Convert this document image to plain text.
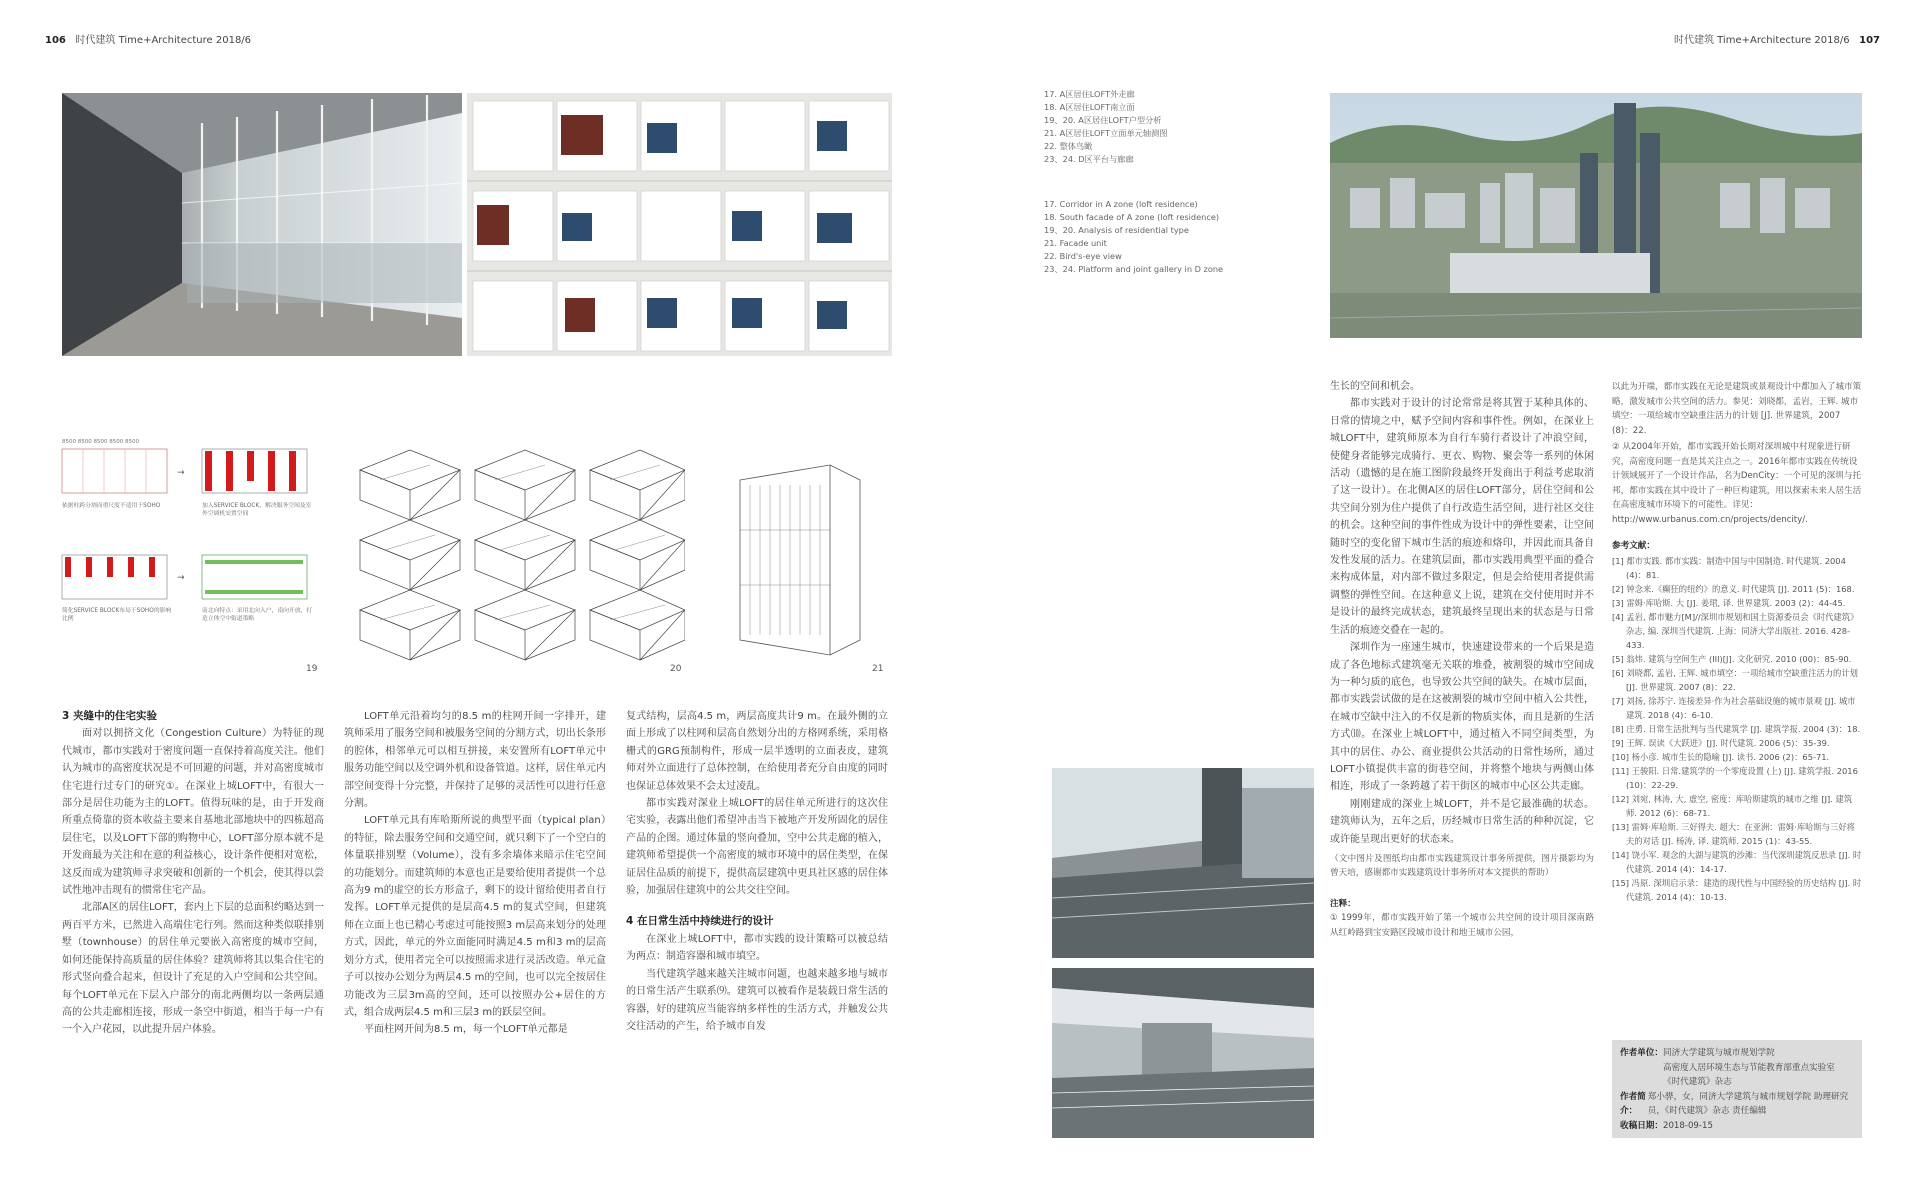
106 时代建筑 Time+Architecture 2018/6	时代建筑 Time+Architecture 2018/6 107
8500 8500 8500 8500 8500
→
→
依据柱跨分割而重尺度不适用于SOHO	加入SERVICE BLOCK，解决服务空间及室外空调机安置空间
简化SERVICE BLOCK布局于SOHO的影响比例
南北向特点：采用北向入户，南向开放，打造立体空中街道策略
19	20	21
3 夹缝中的住宅实验

面对以拥挤文化（Congestion Culture）为特征的现代城市，都市实践对于密度问题一直保持着高度关注。他们认为城市的高密度状况是不可回避的问题，并对高密度城市住宅进行过专门的研究①。在深业上城LOFT中，有很大一部分是居住功能为主的LOFT。值得玩味的是，由于开发商所重点倚靠的资本收益主要来自基地北部地块中的四栋超高层住宅，以及LOFT下部的购物中心，LOFT部分原本就不是开发商最为关注和在意的利益核心，设计条件便相对宽松，这反而成为建筑师寻求突破和创新的一个机会，使其得以尝试性地冲击现有的惯常住宅产品。

北部A区的居住LOFT，套内上下层的总面积约略达到一两百平方米，已然进入高端住宅行列。然而这种类似联排别墅（townhouse）的居住单元要嵌入高密度的城市空间，如何还能保持高质量的居住体验？建筑师将其以集合住宅的形式竖向叠合起来，但设计了充足的入户空间和公共空间。每个LOFT单元在下层入户部分的南北两侧均以一条两层通高的公共走廊相连接，形成一条空中街道，相当于每一户有一个入户花园，以此提升居户体验。

LOFT单元沿着均匀的8.5 m的柱网开间一字排开，建筑师采用了服务空间和被服务空间的分割方式，切出长条形的腔体，相邻单元可以相互拼接，来安置所有LOFT单元中服务功能空间以及空调外机和设备管道。这样，居住单元内部空间变得十分完整，并保持了足够的灵活性可以进行任意分割。

LOFT单元具有库哈斯所说的典型平面（typical plan）的特征，除去服务空间和交通空间，就只剩下了一个空白的体量联排别墅（Volume），没有多余墙体来暗示住宅空间的功能划分。而建筑师的本意也正是要给使用者提供一个总高为9 m的虚空的长方形盒子，剩下的设计留给使用者自行发挥。LOFT单元提供的是层高4.5 m的复式空间，但建筑师在立面上也已精心考虑过可能按照3 m层高来划分的处理方式，因此，单元的外立面能同时满足4.5 m和3 m的层高划分方式，使用者完全可以按照需求进行灵活改造。单元盒子可以按办公划分为两层4.5 m的空间，也可以完全按居住功能改为三层3m高的空间，还可以按照办公+居住的方式，组合成两层4.5 m和三层3 m的跃层空间。

平面柱网开间为8.5 m，每一个LOFT单元都是

复式结构，层高4.5 m，两层高度共计9 m。在最外侧的立面上形成了以柱网和层高自然划分出的方格网系统，采用格栅式的GRG预制构件，形成一层半透明的立面表皮，建筑师对外立面进行了总体控制，在给使用者充分自由度的同时也保证总体效果不会太过凌乱。

都市实践对深业上城LOFT的居住单元所进行的这次住宅实验，表露出他们希望冲击当下被地产开发所固化的居住产品的企图。通过体量的竖向叠加，空中公共走廊的植入，建筑师希望提供一个高密度的城市环境中的居住类型，在保证居住品质的前提下，提供高层建筑中更具社区感的居住体验，加强居住建筑中的公共交往空间。

4 在日常生活中持续进行的设计

在深业上城LOFT中，都市实践的设计策略可以被总结为两点：制造容器和城市填空。

当代建筑学越来越关注城市问题，也越来越多地与城市的日常生活产生联系⑼。建筑可以被看作是装载日常生活的容器，好的建筑应当能容纳多样性的生活方式，并触发公共交往活动的产生，给予城市自发

17. A区居住LOFT外走廊
18. A区居住LOFT南立面
19、20. A区居住LOFT户型分析
21. A区居住LOFT立面单元轴测图
22. 整体鸟瞰
23、24. D区平台与廊廊
17. Corridor in A zone (loft residence)
18. South facade of A zone (loft residence)
19、20. Analysis of residential type
21. Facade unit
22. Bird's-eye view
23、24. Platform and joint gallery in D zone

生长的空间和机会。

都市实践对于设计的讨论常常是将其置于某种具体的、日常的情境之中，赋予空间内容和事件性。例如，在深业上城LOFT中，建筑师原本为自行车骑行者设计了冲浪空间，使健身者能够完成骑行、更衣、购物、聚会等一系列的休闲活动（遗憾的是在施工图阶段最终开发商出于利益考虑取消了这一设计）。在北侧A区的居住LOFT部分，居住空间和公共空间分别为住户提供了自行改造生活空间，进行社区交往的机会。这种空间的事件性成为设计中的弹性要素，让空间随时空的变化留下城市生活的痕迹和烙印，并因此而具备自发性发展的活力。在建筑层面，都市实践用典型平面的叠合来构成体量，对内部不做过多限定，但是会给使用者提供需调整的弹性空间。在这种意义上说，建筑在交付使用时并不是设计的最终完成状态，建筑最终呈现出来的状态是与日常生活的痕迹交叠在一起的。

深圳作为一座速生城市，快速建设带来的一个后果是造成了各色地标式建筑毫无关联的堆叠，被割裂的城市空间成为一种匀质的底色，也导致公共空间的缺失。在城市层面，都市实践尝试做的是在这被割裂的城市空间中植入公共性，在城市空缺中注入的不仅是新的物质实体，而且是新的生活方式⑽。在深业上城LOFT中，通过植入不同空间类型，为其中的居住、办公、商业提供公共活动的日常性场所，通过LOFT小镇提供丰富的街巷空间，并将整个地块与两侧山体相连，形成了一条跨越了若干街区的城市中心区公共走廊。

刚刚建成的深业上城LOFT，并不是它最准确的状态。建筑师认为，五年之后，历经城市日常生活的种种沉淀，它或许能呈现出更好的状态来。

（文中图片及图纸均由都市实践建筑设计事务所提供，图片摄影均为曾天培，感谢都市实践建筑设计事务所对本文提供的帮助）
注释：
① 1999年，都市实践开始了第一个城市公共空间的设计项目深南路从红岭路到宝安路区段城市设计和地王城市公园，
以此为开端，都市实践在无论是建筑或景观设计中都加入了城市策略，激发城市公共空间的活力。参见：刘晓都，孟岩，王辉. 城市填空：一项给城市空缺重注活力的计划 [J]. 世界建筑，2007 (8)：22.
② 从2004年开始，都市实践开始长期对深圳城中村现象进行研究，高密度问题一直是其关注点之一。2016年都市实践在传统设计领域展开了一个设计作品，名为DenCity：一个可见的深圳与托邦，都市实践在其中设计了一种巨构建筑，用以探索未来人居生活在高密度城市环境下的可能性。详见：http://www.urbanus.com.cn/projects/dencity/.
参考文献：
[1] 都市实践. 都市实践：制造中国与中国制造. 时代建筑. 2004 (4)：81.
[2] 钟念来.《癫狂的纽约》的意义. 时代建筑 [J]. 2011 (5)：168.
[3] 雷姆·库哈斯. 大 [J]. 姜珺, 译. 世界建筑. 2003 (2)：44-45.
[4] 孟岩, 都市魅力[M]//深圳市规划和国土资源委员会《时代建筑》杂志, 编. 深圳当代建筑. 上海：同济大学出版社. 2016. 428-433.
[5] 翁炜. 建筑与空间生产 (III)[J]. 文化研究. 2010 (00)：85-90.
[6] 刘晓都, 孟岩, 王辉. 城市填空：一项给城市空缺重注活力的计划 [J]. 世界建筑. 2007 (8)：22.
[7] 刘扬, 徐苏宁. 连接差异·作为社会基础设施的城市景观 [J]. 城市建筑. 2018 (4)：6-10.
[8] 庄勇. 日常生活批判与当代建筑学 [J]. 建筑学报. 2004 (3)：18.
[9] 王辉. 误读《大跃进》[J]. 时代建筑. 2006 (5)：35-39.
[10] 杨小彦. 城市生长的隐喻 [J]. 读书. 2006 (2)：65-71.
[11] 王骏阳. 日常.建筑学的一个零度设置 (上) [J]. 建筑学报. 2016 (10)：22-29.
[12] 刘宛, 林涛, 大, 虚空, 密度：库哈斯建筑的城市之维 [J]. 建筑师. 2012 (6)：68-71.
[13] 雷姆·库哈斯. 三好得夫. 超大：在亚洲：雷姆·库哈斯与三好将夫的对话 [J]. 杨涛, 译. 建筑师. 2015 (1)：43-55.
[14] 饶小军. 观念的大湖与建筑的沙滩：当代深圳建筑反思录 [J]. 时代建筑. 2014 (4)：14-17.
[15] 冯原. 深圳启示录：建造的现代性与中国经验的历史结构 [J]. 时代建筑. 2014 (4)：10-13.
作者单位： 同济大学建筑与城市规划学院
高密度人居环境生态与节能教育部重点实验室
《时代建筑》杂志
作者简介：
郑小骅，女，同济大学建筑与城市规划学院 助理研究员，《时代建筑》杂志 责任编辑
收稿日期： 2018-09-15
